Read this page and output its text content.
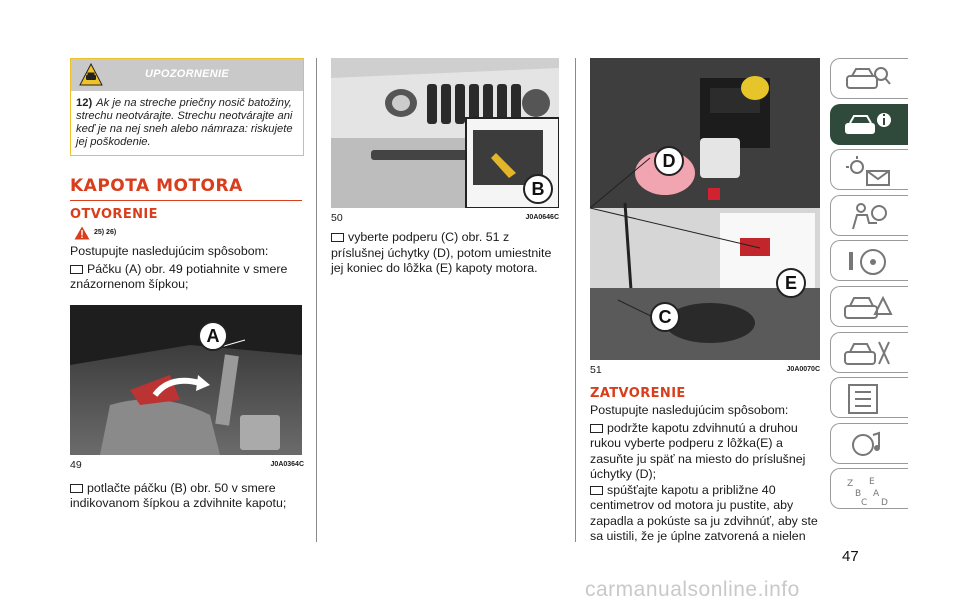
UPOZORNENIE
12) Ak je na streche priečny nosič batožiny, strechu neotvárajte. Strechu neotvárajte ani keď je na nej sneh alebo námraza: riskujete jej poškodenie.
KAPOTA MOTORA
OTVORENIE
25) 26)
Postupujte nasledujúcim spôsobom:
Páčku (A) obr. 49 potiahnite v smere znázornenom šípkou;
A
49	J0A0364C
potlačte páčku (B) obr. 50 v smere indikovanom šípkou a zdvihnite kapotu;
B
50	J0A0646C
vyberte podperu (C) obr. 51 z príslušnej úchytky (D), potom umiestnite jej koniec do lôžka (E) kapoty motora.
D
E
C
51	J0A0070C
ZATVORENIE
Postupujte nasledujúcim spôsobom:
podržte kapotu zdvihnutú a druhou rukou vyberte podperu z lôžka(E) a zasuňte ju späť na miesto do príslušnej úchytky (D);
spúšťajte kapotu a približne 40 centimetrov od motora ju pustite, aby zapadla a pokúste sa ju zdvihnúť, aby ste sa uistili, že je úplne zatvorená a nielen
Z E
B A
C D
47
carmanualsonline.info
